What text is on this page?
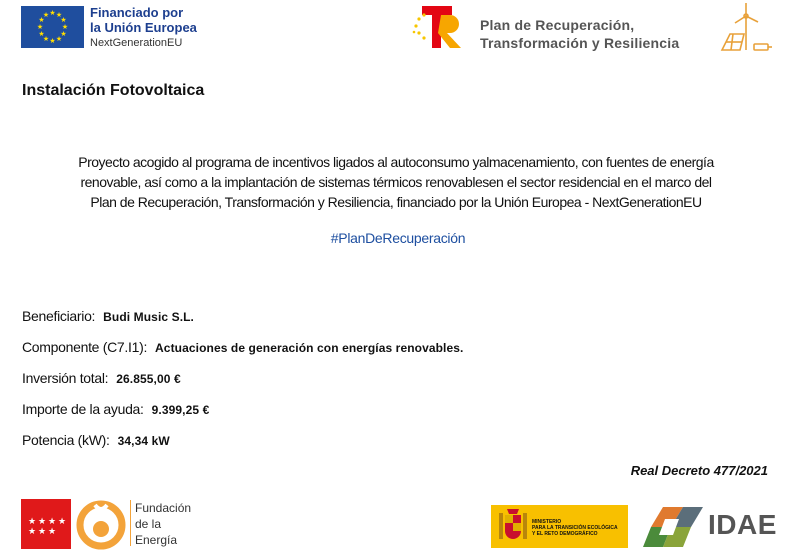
★ ★
★
★
★
★
★
★
★
★
★
★	Financiado por
la Unión Europea
NextGenerationEU
Plan de Recuperación,
Transformación y Resiliencia
Instalación Fotovoltaica
Proyecto acogido al programa de incentivos ligados al autoconsumo yalmacenamiento, con fuentes de energía
renovable, así como a la implantación de sistemas térmicos renovablesen el sector residencial en el marco del
Plan de Recuperación, Transformación y Resiliencia, financiado por la Unión Europea - NextGenerationEU
#PlanDeRecuperación
Beneficiario: Budi Music S.L.
Componente (C7.I1): Actuaciones de generación con energías renovables.
Inversión total: 26.855,00 €
Importe de la ayuda: 9.399,25 €
Potencia (kW): 34,34 kW
Real Decreto 477/2021
★ ★ ★ ★
★ ★ ★
Fundación
de la
Energía
MINISTERIO
PARA LA TRANSICIÓN ECOLÓGICA
Y EL RETO DEMOGRÁFICO	IDAE
